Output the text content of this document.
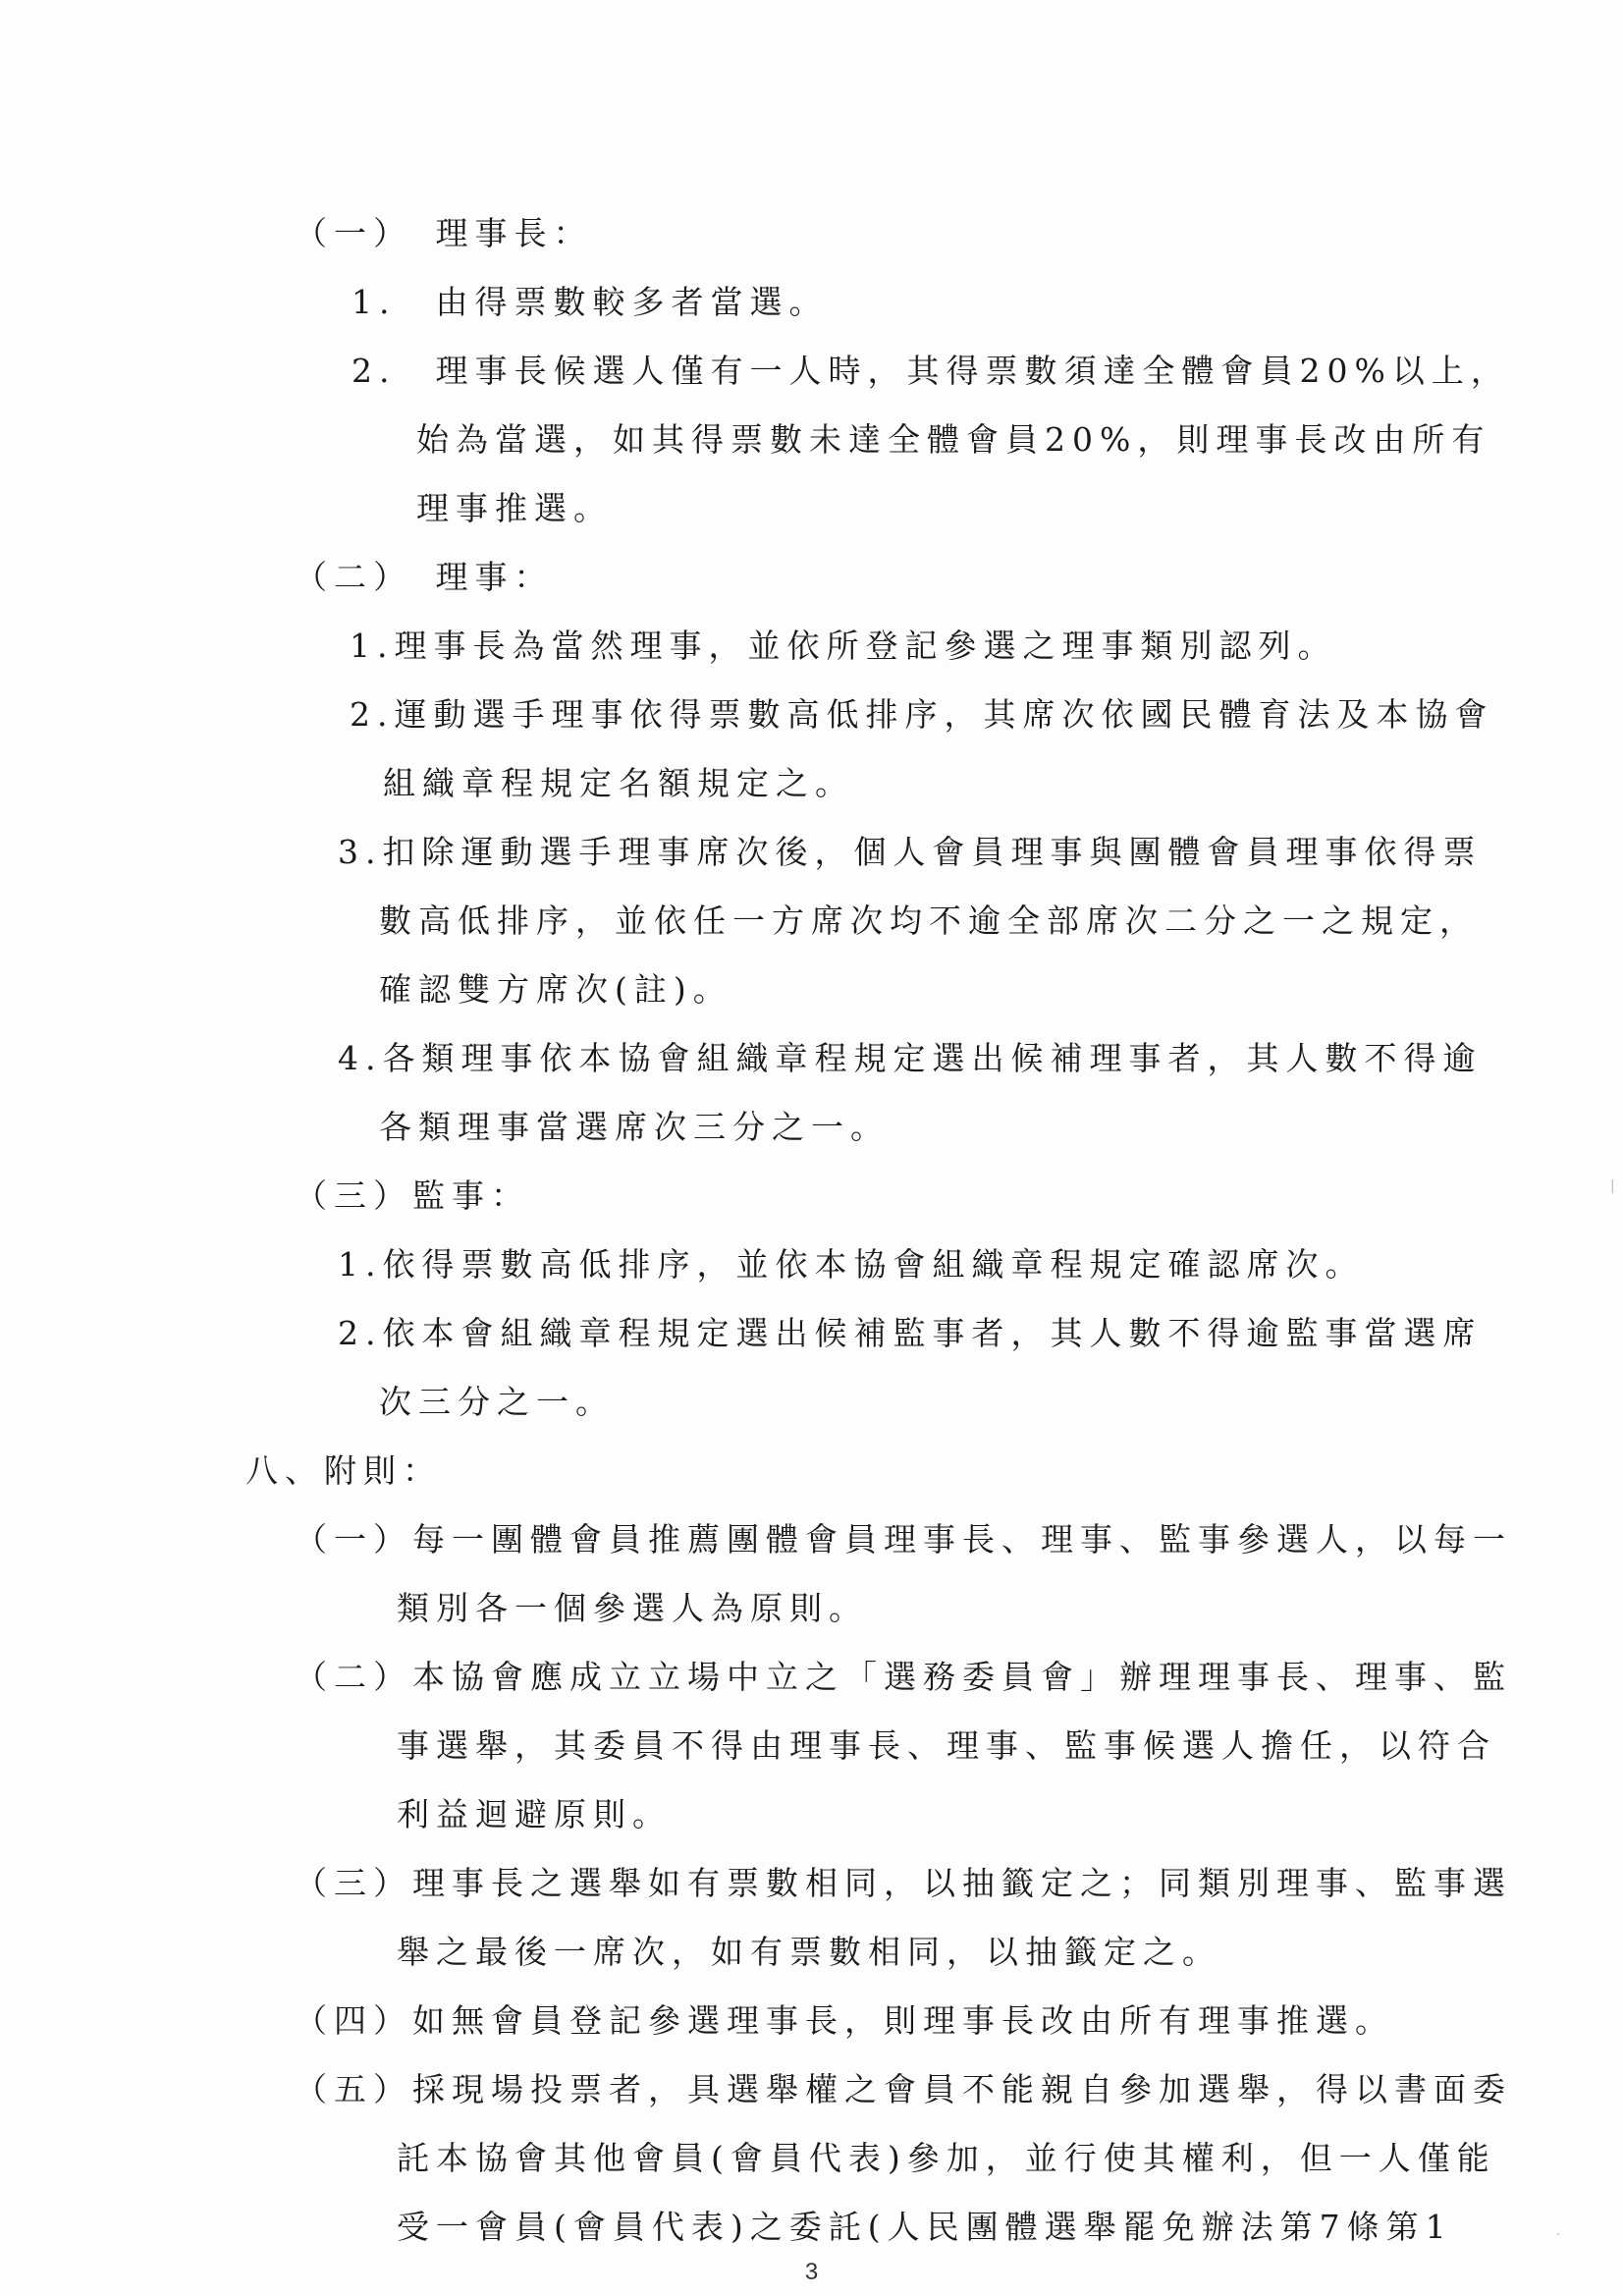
（一）　理事長：
1.　由得票數較多者當選。
2.　理事長候選人僅有一人時，其得票數須達全體會員20%以上，
始為當選，如其得票數未達全體會員20%，則理事長改由所有
理事推選。
（二）　理事：
1.理事長為當然理事，並依所登記參選之理事類別認列。
2.運動選手理事依得票數高低排序，其席次依國民體育法及本協會
組織章程規定名額規定之。
3.扣除運動選手理事席次後，個人會員理事與團體會員理事依得票
數高低排序，並依任一方席次均不逾全部席次二分之一之規定，
確認雙方席次(註)。
4.各類理事依本協會組織章程規定選出候補理事者，其人數不得逾
各類理事當選席次三分之一。
（三）監事：
1.依得票數高低排序，並依本協會組織章程規定確認席次。
2.依本會組織章程規定選出候補監事者，其人數不得逾監事當選席
次三分之一。
八、附則：
（一）每一團體會員推薦團體會員理事長、理事、監事參選人，以每一
類別各一個參選人為原則。
（二）本協會應成立立場中立之「選務委員會」辦理理事長、理事、監
事選舉，其委員不得由理事長、理事、監事候選人擔任，以符合
利益迴避原則。
（三）理事長之選舉如有票數相同，以抽籤定之；同類別理事、監事選
舉之最後一席次，如有票數相同，以抽籤定之。
（四）如無會員登記參選理事長，則理事長改由所有理事推選。
（五）採現場投票者，具選舉權之會員不能親自參加選舉，得以書面委
託本協會其他會員(會員代表)參加，並行使其權利，但一人僅能
受一會員(會員代表)之委託(人民團體選舉罷免辦法第7條第1
3
·
|
